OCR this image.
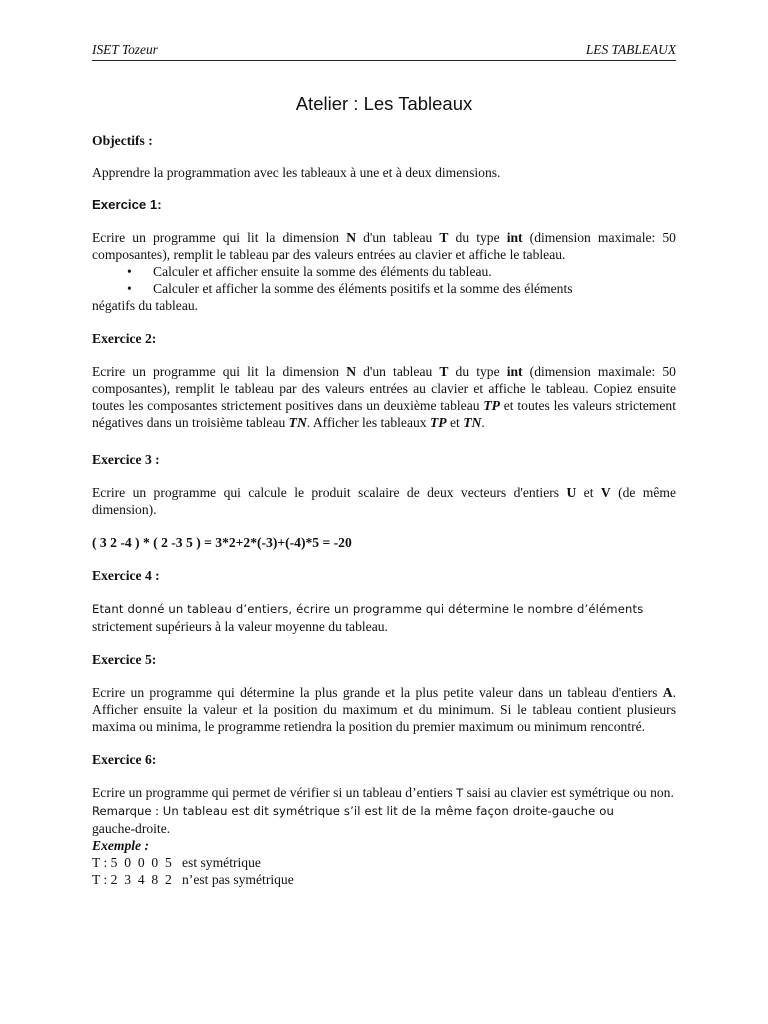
ISET Tozeur	LES TABLEAUX
Atelier : Les Tableaux
Objectifs :

Apprendre la programmation avec les tableaux à une et à deux dimensions.

Exercice 1:

Ecrire un programme qui lit la dimension N d'un tableau T du type int (dimension maximale: 50 composantes), remplit le tableau par des valeurs entrées au clavier et affiche le tableau.

• Calculer et afficher ensuite la somme des éléments du tableau.
• Calculer et afficher la somme des éléments positifs et la somme des éléments

négatifs du tableau.

Exercice 2:

Ecrire un programme qui lit la dimension N d'un tableau T du type int (dimension maximale: 50 composantes), remplit le tableau par des valeurs entrées au clavier et affiche le tableau. Copiez ensuite toutes les composantes strictement positives dans un deuxième tableau TP et toutes les valeurs strictement négatives dans un troisième tableau TN. Afficher les tableaux TP et TN.

Exercice 3 :

Ecrire un programme qui calcule le produit scalaire de deux vecteurs d'entiers U et V (de même dimension).

( 3 2 -4 ) * ( 2 -3 5 ) = 3*2+2*(-3)+(-4)*5 = -20

Exercice 4 :

Etant donné un tableau d’entiers, écrire un programme qui détermine le nombre d’éléments
strictement supérieurs à la valeur moyenne du tableau.

Exercice 5:

Ecrire un programme qui détermine la plus grande et la plus petite valeur dans un tableau d'entiers A. Afficher ensuite la valeur et la position du maximum et du minimum. Si le tableau contient plusieurs maxima ou minima, le programme retiendra la position du premier maximum ou minimum rencontré.

Exercice 6:

Ecrire un programme qui permet de vérifier si un tableau d’entiers T saisi au clavier est symétrique ou non.

Remarque : Un tableau est dit symétrique s’il est lit de la même façon droite-gauche ou

gauche-droite.

Exemple :
T : 5  0  0  0  5   est symétrique
T : 2  3  4  8  2   n’est pas symétrique
